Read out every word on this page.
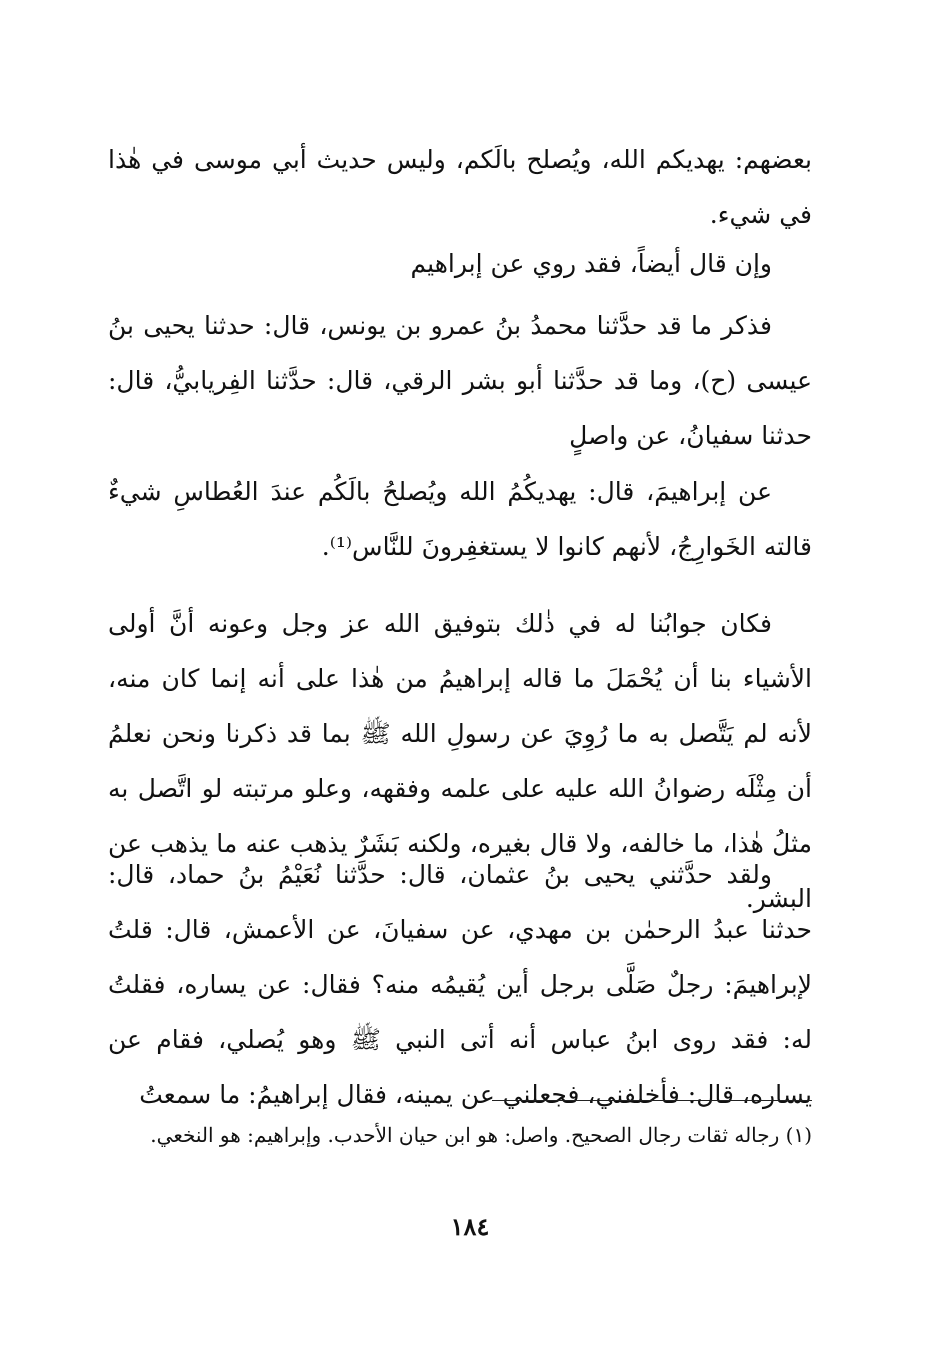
بعضهم: يهديكم الله، ويُصلح بالَكم، وليس حديث أبي موسى في هٰذا في شيء.

وإن قال أيضاً، فقد روي عن إبراهيم

فذكر ما قد حدَّثنا محمدُ بنُ عمرو بن يونس، قال: حدثنا يحيى بنُ عيسى (ح)، وما قد حدَّثنا أبو بشر الرقي، قال: حدَّثنا الفِريابيُّ، قال: حدثنا سفيانُ، عن واصلٍ

عن إبراهيمَ، قال: يهديكُمُ الله ويُصلحُ بالَكُم عندَ العُطاسِ شيءٌ قالته الخَوارِجُ، لأنهم كانوا لا يستغفِرونَ للنَّاس⁽¹⁾.

فكان جوابُنا له في ذٰلك بتوفيق الله عز وجل وعونه أنَّ أولى الأشياء بنا أن يُحْمَلَ ما قاله إبراهيمُ من هٰذا على أنه إنما كان منه، لأنه لم يَتَّصل به ما رُوِيَ عن رسولِ الله ﷺ بما قد ذكرنا ونحن نعلمُ أن مِثْلَه رضوانُ الله عليه على علمه وفقهه، وعلو مرتبته لو اتَّصل به مثلُ هٰذا، ما خالفه، ولا قال بغيره، ولكنه بَشَرٌ يذهب عنه ما يذهب عن البشر.

ولقد حدَّثني يحيى بنُ عثمان، قال: حدَّثنا نُعَيْمُ بنُ حماد، قال: حدثنا عبدُ الرحمٰن بن مهدي، عن سفيانَ، عن الأعمش، قال: قلتُ لإبراهيمَ: رجلٌ صَلَّى برجل أين يُقيمُه منه؟ فقال: عن يساره، فقلتُ له: فقد روى ابنُ عباس أنه أتى النبي ﷺ وهو يُصلي، فقام عن يساره، قال: فأخلفني، فجعلني عن يمينه، فقال إبراهيمُ: ما سمعتُ

(١) رجاله ثقات رجال الصحيح. واصل: هو ابن حيان الأحدب. وإبراهيم: هو النخعي.

١٨٤
